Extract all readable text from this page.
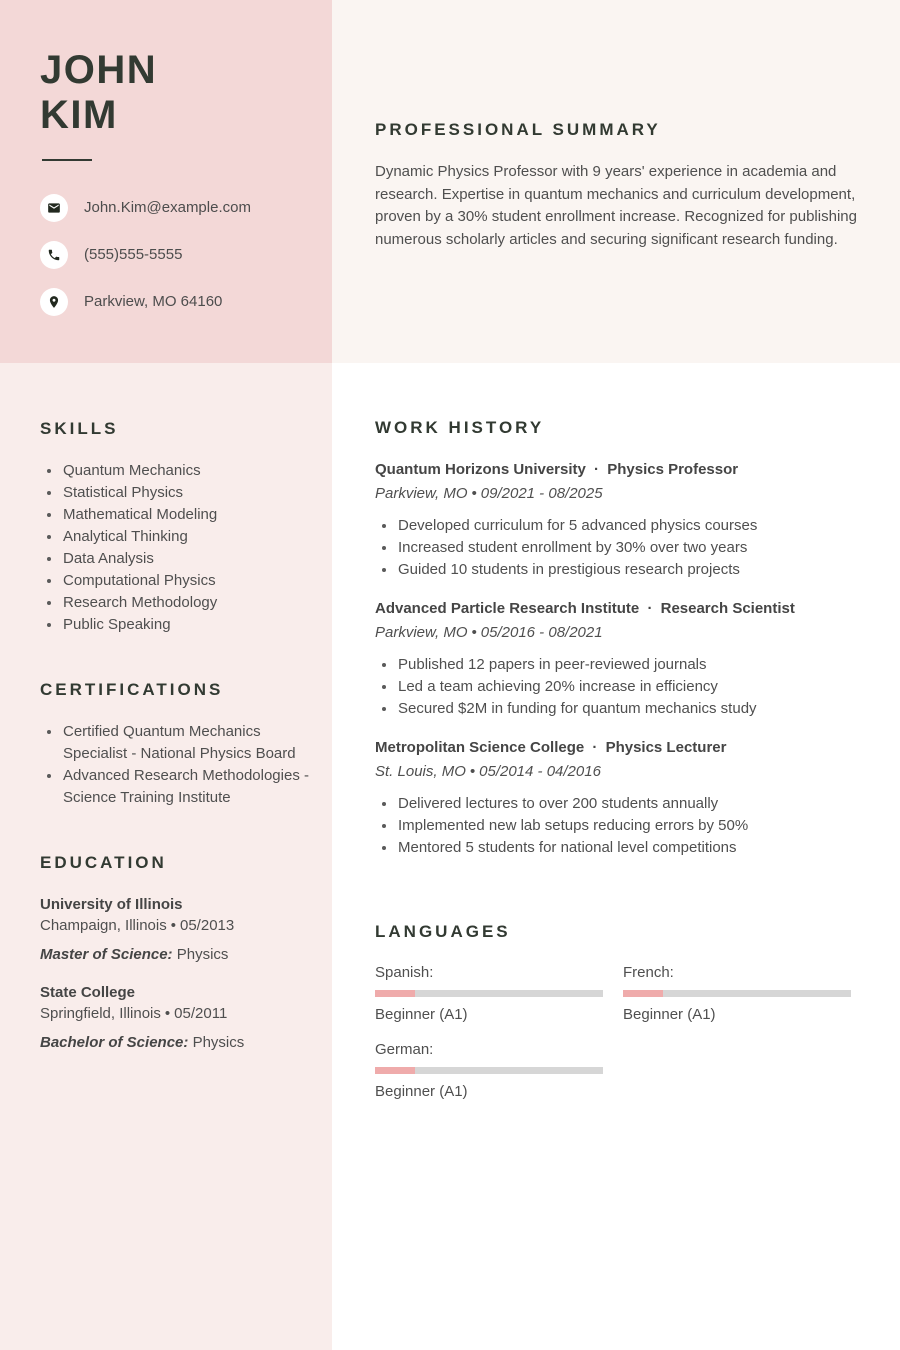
JOHN
KIM
John.Kim@example.com
(555)555-5555
Parkview, MO 64160
SKILLS
Quantum Mechanics
Statistical Physics
Mathematical Modeling
Analytical Thinking
Data Analysis
Computational Physics
Research Methodology
Public Speaking
CERTIFICATIONS
Certified Quantum Mechanics Specialist - National Physics Board
Advanced Research Methodologies - Science Training Institute
EDUCATION
University of Illinois
Champaign, Illinois • 05/2013
Master of Science: Physics
State College
Springfield, Illinois • 05/2011
Bachelor of Science: Physics
PROFESSIONAL SUMMARY

Dynamic Physics Professor with 9 years' experience in academia and research. Expertise in quantum mechanics and curriculum development, proven by a 30% student enrollment increase. Recognized for publishing numerous scholarly articles and securing significant research funding.

WORK HISTORY
Quantum Horizons University · Physics Professor
Parkview, MO • 09/2021 - 08/2025
Developed curriculum for 5 advanced physics courses
Increased student enrollment by 30% over two years
Guided 10 students in prestigious research projects
Advanced Particle Research Institute · Research Scientist
Parkview, MO • 05/2016 - 08/2021
Published 12 papers in peer-reviewed journals
Led a team achieving 20% increase in efficiency
Secured $2M in funding for quantum mechanics study
Metropolitan Science College · Physics Lecturer
St. Louis, MO • 05/2014 - 04/2016
Delivered lectures to over 200 students annually
Implemented new lab setups reducing errors by 50%
Mentored 5 students for national level competitions
LANGUAGES
Spanish:
Beginner (A1)
French:
Beginner (A1)
German:
Beginner (A1)
